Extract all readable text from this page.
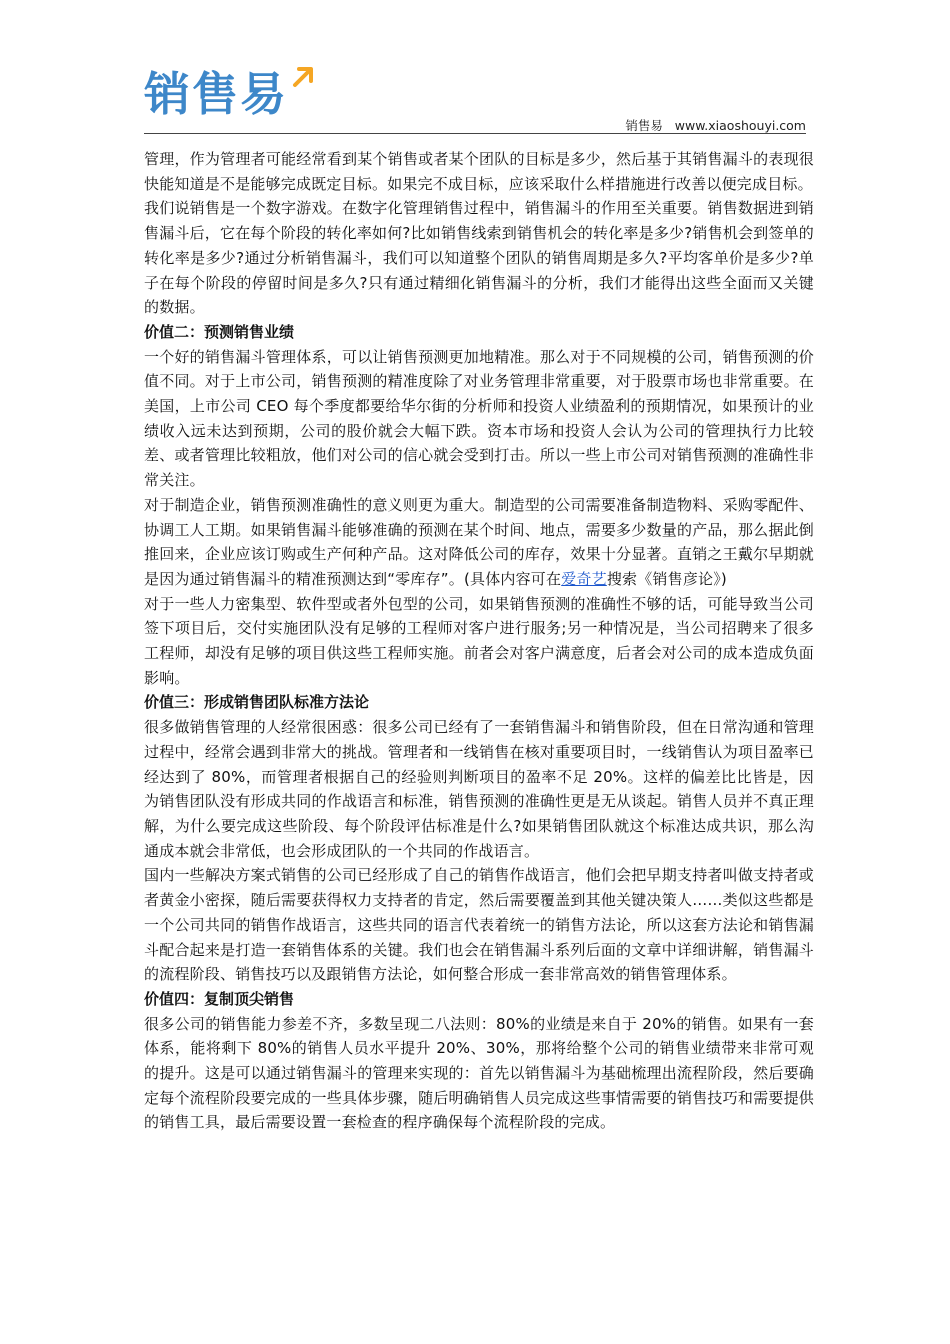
销售易
销售易 www.xiaoshouyi.com

管理，作为管理者可能经常看到某个销售或者某个团队的目标是多少，然后基于其销售漏斗的表现很快能知道是不是能够完成既定目标。如果完不成目标，应该采取什么样措施进行改善以便完成目标。

我们说销售是一个数字游戏。在数字化管理销售过程中，销售漏斗的作用至关重要。销售数据进到销售漏斗后，它在每个阶段的转化率如何?比如销售线索到销售机会的转化率是多少?销售机会到签单的转化率是多少?通过分析销售漏斗，我们可以知道整个团队的销售周期是多久?平均客单价是多少?单子在每个阶段的停留时间是多久?只有通过精细化销售漏斗的分析，我们才能得出这些全面而又关键的数据。

价值二：预测销售业绩

一个好的销售漏斗管理体系，可以让销售预测更加地精准。那么对于不同规模的公司，销售预测的价值不同。对于上市公司，销售预测的精准度除了对业务管理非常重要，对于股票市场也非常重要。在美国，上市公司 CEO 每个季度都要给华尔街的分析师和投资人业绩盈利的预期情况，如果预计的业绩收入远未达到预期，公司的股价就会大幅下跌。资本市场和投资人会认为公司的管理执行力比较差、或者管理比较粗放，他们对公司的信心就会受到打击。所以一些上市公司对销售预测的准确性非常关注。

对于制造企业，销售预测准确性的意义则更为重大。制造型的公司需要准备制造物料、采购零配件、协调工人工期。如果销售漏斗能够准确的预测在某个时间、地点，需要多少数量的产品，那么据此倒推回来，企业应该订购或生产何种产品。这对降低公司的库存，效果十分显著。直销之王戴尔早期就是因为通过销售漏斗的精准预测达到“零库存”。(具体内容可在爱奇艺搜索《销售彦论》)

对于一些人力密集型、软件型或者外包型的公司，如果销售预测的准确性不够的话，可能导致当公司签下项目后，交付实施团队没有足够的工程师对客户进行服务;另一种情况是，当公司招聘来了很多工程师，却没有足够的项目供这些工程师实施。前者会对客户满意度，后者会对公司的成本造成负面影响。

价值三：形成销售团队标准方法论

很多做销售管理的人经常很困惑：很多公司已经有了一套销售漏斗和销售阶段，但在日常沟通和管理过程中，经常会遇到非常大的挑战。管理者和一线销售在核对重要项目时，一线销售认为项目盈率已经达到了 80%，而管理者根据自己的经验则判断项目的盈率不足 20%。这样的偏差比比皆是，因为销售团队没有形成共同的作战语言和标准，销售预测的准确性更是无从谈起。销售人员并不真正理解，为什么要完成这些阶段、每个阶段评估标准是什么?如果销售团队就这个标准达成共识，那么沟通成本就会非常低，也会形成团队的一个共同的作战语言。

国内一些解决方案式销售的公司已经形成了自己的销售作战语言，他们会把早期支持者叫做支持者或者黄金小密探，随后需要获得权力支持者的肯定，然后需要覆盖到其他关键决策人……类似这些都是一个公司共同的销售作战语言，这些共同的语言代表着统一的销售方法论，所以这套方法论和销售漏斗配合起来是打造一套销售体系的关键。我们也会在销售漏斗系列后面的文章中详细讲解，销售漏斗的流程阶段、销售技巧以及跟销售方法论，如何整合形成一套非常高效的销售管理体系。

价值四：复制顶尖销售

很多公司的销售能力参差不齐，多数呈现二八法则：80%的业绩是来自于 20%的销售。如果有一套体系，能将剩下 80%的销售人员水平提升 20%、30%，那将给整个公司的销售业绩带来非常可观的提升。这是可以通过销售漏斗的管理来实现的：首先以销售漏斗为基础梳理出流程阶段，然后要确定每个流程阶段要完成的一些具体步骤，随后明确销售人员完成这些事情需要的销售技巧和需要提供的销售工具，最后需要设置一套检查的程序确保每个流程阶段的完成。
